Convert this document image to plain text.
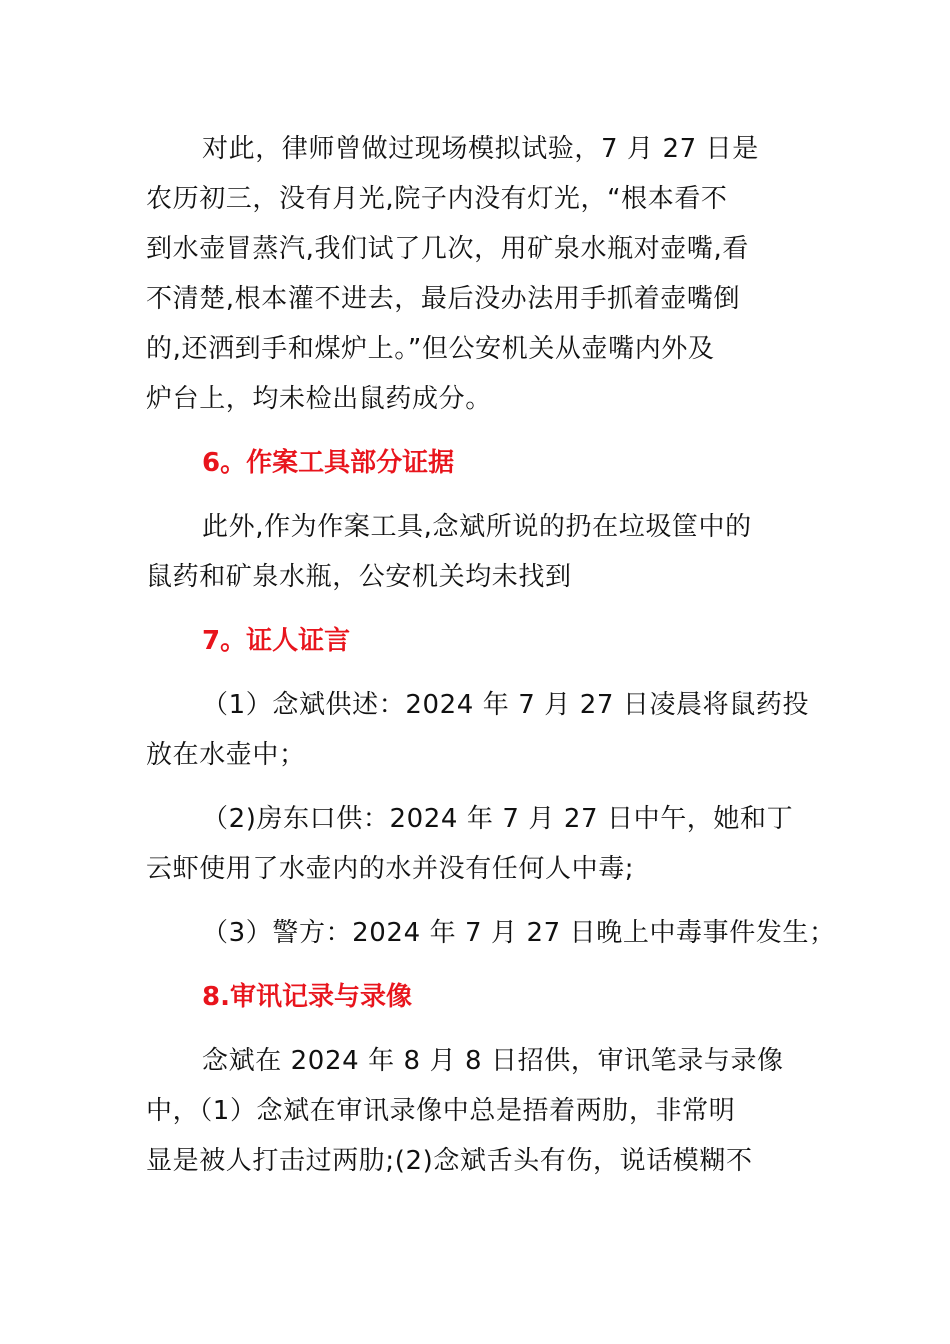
对此，律师曾做过现场模拟试验，7 月 27 日是
农历初三，没有月光,院子内没有灯光，“根本看不
到水壶冒蒸汽,我们试了几次，用矿泉水瓶对壶嘴,看
不清楚,根本灌不进去，最后没办法用手抓着壶嘴倒
的,还洒到手和煤炉上。”但公安机关从壶嘴内外及
炉台上，均未检出鼠药成分。

6。作案工具部分证据

此外,作为作案工具,念斌所说的扔在垃圾筐中的
鼠药和矿泉水瓶，公安机关均未找到

7。证人证言

（1）念斌供述：2024 年 7 月 27 日凌晨将鼠药投
放在水壶中；

（2)房东口供：2024 年 7 月 27 日中午，她和丁
云虾使用了水壶内的水并没有任何人中毒;

（3）警方：2024 年 7 月 27 日晚上中毒事件发生；

8.审讯记录与录像

念斌在 2024 年 8 月 8 日招供，审讯笔录与录像
中，（1）念斌在审讯录像中总是捂着两肋，非常明
显是被人打击过两肋;(2)念斌舌头有伤，说话模糊不
